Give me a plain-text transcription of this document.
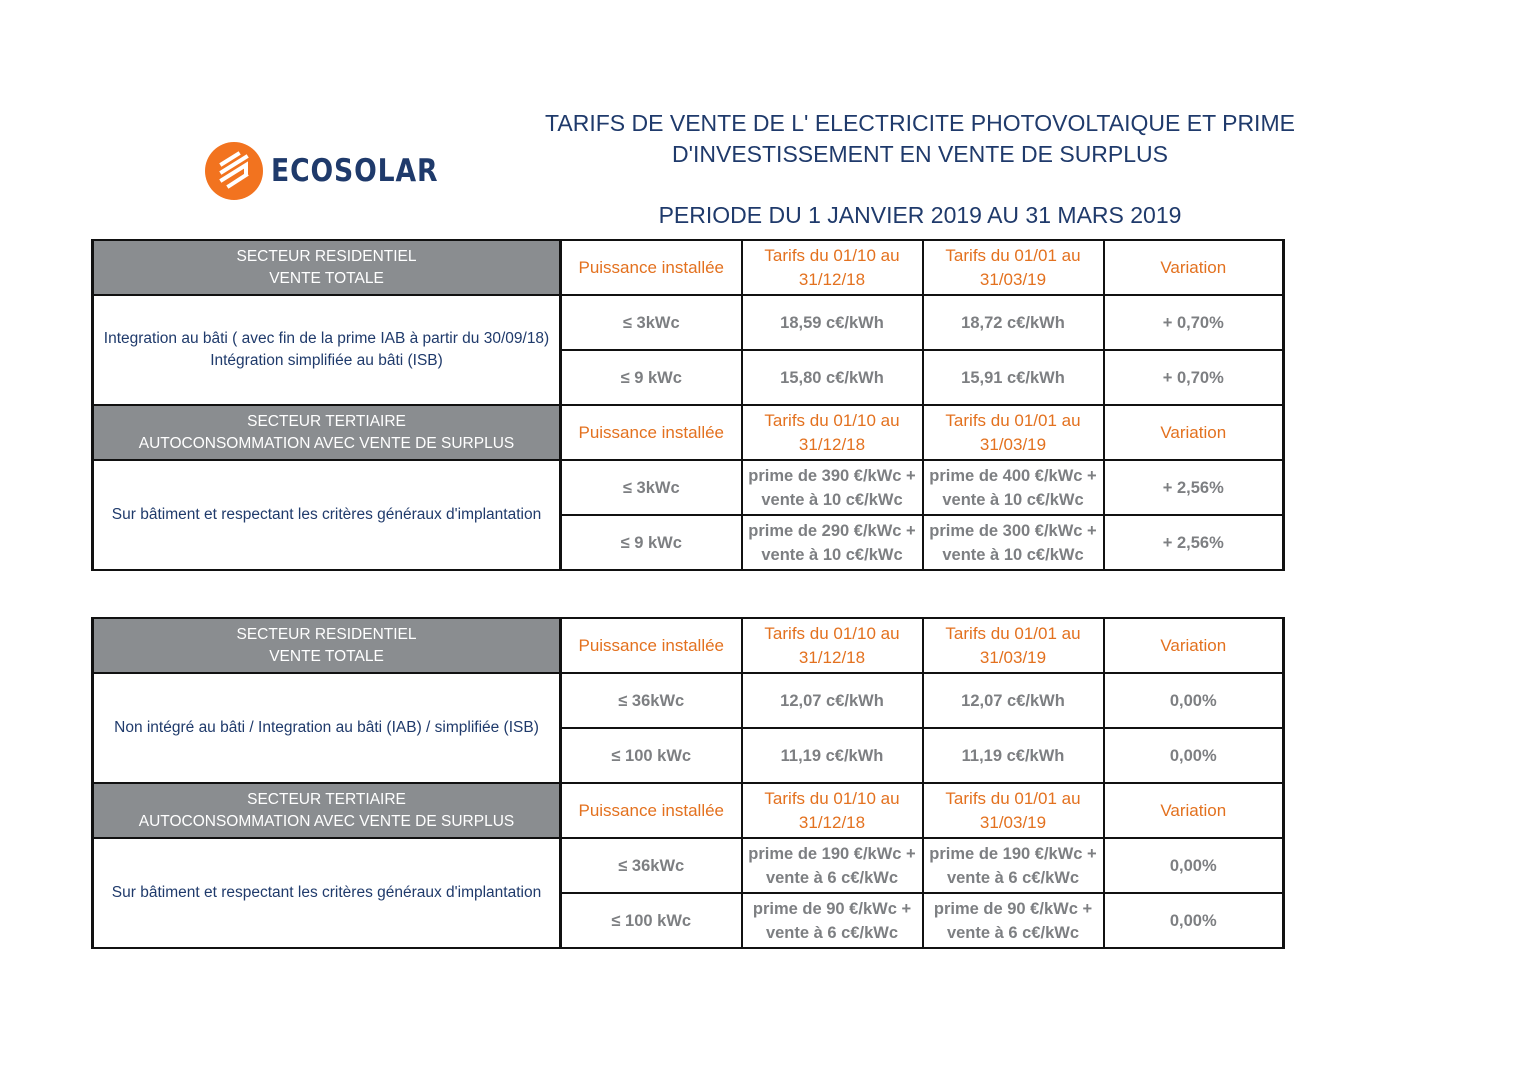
ECOSOLAR
TARIFS DE VENTE DE L' ELECTRICITE PHOTOVOLTAIQUE ET PRIME
D'INVESTISSEMENT EN VENTE DE SURPLUS
PERIODE DU 1 JANVIER 2019 AU 31 MARS 2019
SECTEUR RESIDENTIEL
VENTE TOTALE	Puissance installée	Tarifs du 01/10 au 31/12/18	Tarifs du 01/01 au 31/03/19	Variation
Integration au bâti ( avec fin de la prime IAB à partir du 30/09/18)
Intégration simplifiée au bâti (ISB)	≤ 3kWc	18,59 c€/kWh	18,72 c€/kWh	+ 0,70%
	≤ 9 kWc	15,80 c€/kWh	15,91 c€/kWh	+ 0,70%
SECTEUR TERTIAIRE
AUTOCONSOMMATION AVEC VENTE DE SURPLUS	Puissance installée	Tarifs du 01/10 au 31/12/18	Tarifs du 01/01 au 31/03/19	Variation
Sur bâtiment et respectant les critères généraux d'implantation	≤ 3kWc	prime de 390 €/kWc + vente à 10 c€/kWc	prime de 400 €/kWc + vente à 10 c€/kWc	+ 2,56%
	≤ 9 kWc	prime de 290 €/kWc + vente à 10 c€/kWc	prime de 300 €/kWc + vente à 10 c€/kWc	+ 2,56%
SECTEUR RESIDENTIEL
VENTE TOTALE	Puissance installée	Tarifs du 01/10 au 31/12/18	Tarifs du 01/01 au 31/03/19	Variation
Non intégré au bâti / Integration au bâti (IAB) / simplifiée (ISB)	≤ 36kWc	12,07 c€/kWh	12,07 c€/kWh	0,00%
	≤ 100 kWc	11,19 c€/kWh	11,19 c€/kWh	0,00%
SECTEUR TERTIAIRE
AUTOCONSOMMATION AVEC VENTE DE SURPLUS	Puissance installée	Tarifs du 01/10 au 31/12/18	Tarifs du 01/01 au 31/03/19	Variation
Sur bâtiment et respectant les critères généraux d'implantation	≤ 36kWc	prime de 190 €/kWc + vente à 6 c€/kWc	prime de 190 €/kWc + vente à 6 c€/kWc	0,00%
	≤ 100 kWc	prime de 90 €/kWc + vente à 6 c€/kWc	prime de 90 €/kWc + vente à 6 c€/kWc	0,00%
